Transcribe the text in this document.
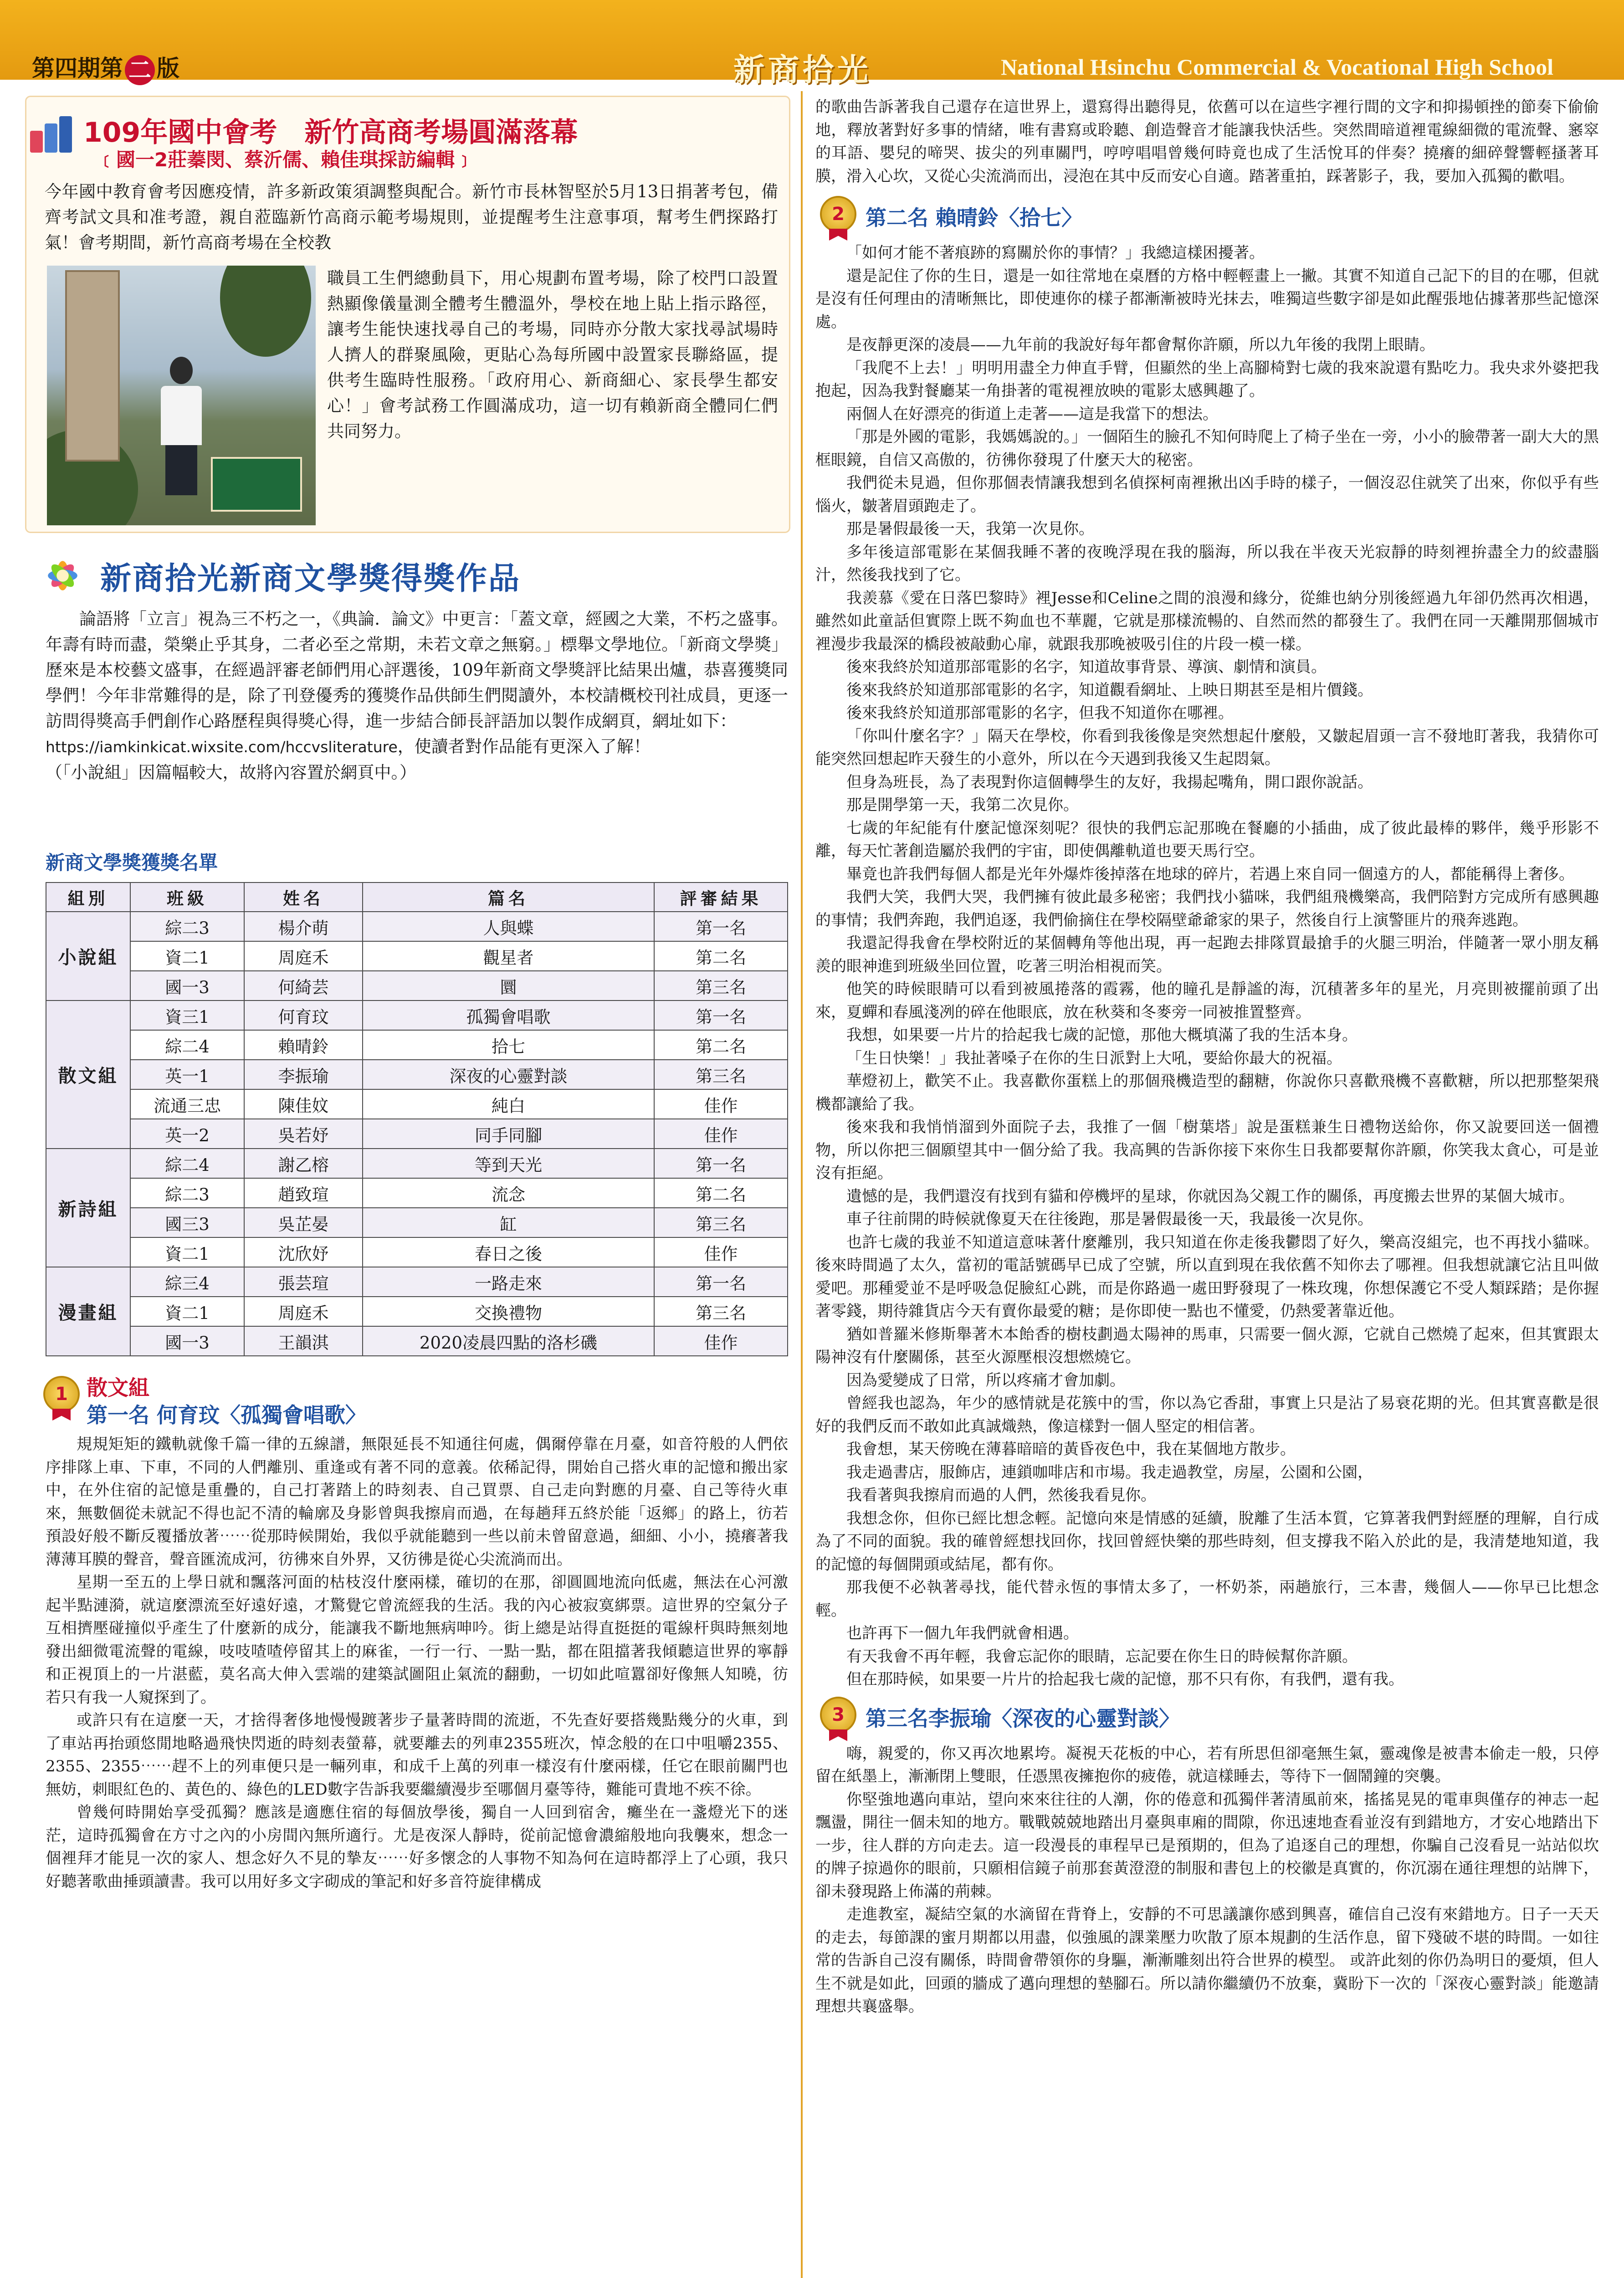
第四期第 二 版	新商拾光	National Hsinchu Commercial & Vocational High School
109年國中會考　新竹高商考場圓滿落幕
﹝國一2莊蓁閔、蔡沂儒、賴佳琪採訪編輯﹞
今年國中教育會考因應疫情，許多新政策須調整與配合。新竹市長林智堅於5月13日捐著考包，備齊考試文具和准考證，親自蒞臨新竹高商示範考場規則，並提醒考生注意事項，幫考生們探路打氣！會考期間，新竹高商考場在全校教
職員工生們總動員下，用心規劃布置考場，除了校門口設置熱顯像儀量測全體考生體溫外，學校在地上貼上指示路徑，讓考生能快速找尋自己的考場，同時亦分散大家找尋試場時人擠人的群聚風險，更貼心為每所國中設置家長聯絡區，提供考生臨時性服務。「政府用心、新商細心、家長學生都安心！」會考試務工作圓滿成功，這一切有賴新商全體同仁們共同努力。
新商拾光新商文學獎得獎作品
論語將「立言」視為三不朽之一，《典論．論文》中更言：「蓋文章，經國之大業，不朽之盛事。年壽有時而盡，榮樂止乎其身，二者必至之常期，未若文章之無窮。」標舉文學地位。「新商文學獎」歷來是本校藝文盛事，在經過評審老師們用心評選後，109年新商文學獎評比結果出爐，恭喜獲獎同學們！今年非常難得的是，除了刊登優秀的獲獎作品供師生們閱讀外，本校請概校刊社成員，更逐一訪問得獎高手們創作心路歷程與得獎心得，進一步結合師長評語加以製作成網頁，網址如下：
https://iamkinkicat.wixsite.com/hccvsliterature，使讀者對作品能有更深入了解！
（「小說組」因篇幅較大，故將內容置於網頁中。）
新商文學獎獲獎名單
組別	班級	姓名	篇名	評審結果
小說組	綜二3	楊介萌	人與蝶	第一名
	資二1	周庭禾	觀星者	第二名
	國一3	何綺芸	圜	第三名
散文組	資三1	何育玟	孤獨會唱歌	第一名
	綜二4	賴晴鈴	拾七	第二名
	英一1	李振瑜	深夜的心靈對談	第三名
	流通三忠	陳佳妏	純白	佳作
	英一2	吳若妤	同手同腳	佳作
新詩組	綜二4	謝乙榕	等到天光	第一名
	綜二3	趙致瑄	流念	第二名
	國三3	吳芷晏	缸	第三名
	資二1	沈欣妤	春日之後	佳作
漫畫組	綜三4	張芸瑄	一路走來	第一名
	資二1	周庭禾	交換禮物	第三名
	國一3	王韻淇	2020凌晨四點的洛杉磯	佳作
1 散文組
第一名 何育玟〈孤獨會唱歌〉

規規矩矩的鐵軌就像千篇一律的五線譜，無限延長不知通往何處，偶爾停靠在月臺，如音符般的人們依序排隊上車、下車，不同的人們離別、重逢或有著不同的意義。依稀記得，開始自己搭火車的記憶和搬出家中，在外住宿的記憶是重疊的，自己打著踏上的時刻表、自己買票、自己走向對應的月臺、自己等待火車來，無數個從未就記不得也記不清的輪廓及身影曾與我擦肩而過，在每趟拜五終於能「返鄉」的路上，彷若預設好般不斷反覆播放著⋯⋯從那時候開始，我似乎就能聽到一些以前未曾留意過，細細、小小，撓癢著我薄薄耳膜的聲音，聲音匯流成河，彷彿來自外界，又彷彿是從心尖流淌而出。

星期一至五的上學日就和飄落河面的枯枝沒什麼兩樣，確切的在那，卻圓圓地流向低處，無法在心河激起半點漣漪，就這麼漂流至好遠好遠，才驚覺它曾流經我的生活。我的內心被寂寞綁票。這世界的空氣分子互相擠壓碰撞似乎產生了什麼新的成分，能讓我不斷地無病呻吟。街上總是站得直挺挺的電線杆與時無刻地發出細微電流聲的電線，吱吱喳喳停留其上的麻雀，一行一行、一點一點，都在阻擋著我傾聽這世界的寧靜和正視頂上的一片湛藍，莫名高大伸入雲端的建築試圖阻止氣流的翻動，一切如此喧囂卻好像無人知曉，彷若只有我一人窺探到了。

或許只有在這麼一天，才捨得奢侈地慢慢踱著步子量著時間的流逝，不先查好要搭幾點幾分的火車，到了車站再抬頭悠閒地略過飛快閃逝的時刻表螢幕，就要離去的列車2355班次，悼念般的在口中咀嚼2355、2355、2355⋯⋯趕不上的列車便只是一輛列車，和成千上萬的列車一樣沒有什麼兩樣，任它在眼前關門也無妨，刺眼紅色的、黃色的、綠色的LED數字告訴我要繼續漫步至哪個月臺等待，難能可貴地不疾不徐。

曾幾何時開始享受孤獨？應該是適應住宿的每個放學後，獨自一人回到宿舍，癱坐在一盞燈光下的迷茫，這時孤獨會在方寸之內的小房間內無所適行。尤是夜深人靜時，從前記憶會濃縮般地向我襲來，想念一個裡拜才能見一次的家人、想念好久不見的摯友⋯⋯好多懷念的人事物不知為何在這時都浮上了心頭，我只好聽著歌曲捶頭讀書。我可以用好多文字砌成的筆記和好多音符旋律構成

的歌曲告訴著我自己還存在這世界上，還寫得出聽得見，依舊可以在這些字裡行間的文字和抑揚頓挫的節奏下偷偷地，釋放著對好多事的情緒，唯有書寫或聆聽、創造聲音才能讓我快活些。突然間暗道裡電線細微的電流聲、窸窣的耳語、嬰兒的啼哭、拔尖的列車關門，哼哼唱唱曾幾何時竟也成了生活悅耳的伴奏？撓癢的細碎聲響輕搔著耳膜，滑入心坎，又從心尖流淌而出，浸泡在其中反而安心自適。踏著重拍，踩著影子，我，要加入孤獨的歡唱。
2	第二名 賴晴鈴〈拾七〉

「如何才能不著痕跡的寫關於你的事情？」我總這樣困擾著。

還是記住了你的生日，還是一如往常地在桌曆的方格中輕輕畫上一撇。其實不知道自己記下的目的在哪，但就是沒有任何理由的清晰無比，即使連你的樣子都漸漸被時光抹去，唯獨這些數字卻是如此醒張地佔據著那些記憶深處。

是夜靜更深的凌晨——九年前的我說好每年都會幫你許願，所以九年後的我閉上眼睛。

「我爬不上去！」明明用盡全力伸直手臂，但顯然的坐上高腳椅對七歲的我來說還有點吃力。我央求外婆把我抱起，因為我對餐廳某一角掛著的電視裡放映的電影太感興趣了。

兩個人在好漂亮的街道上走著——這是我當下的想法。

「那是外國的電影，我媽媽說的。」一個陌生的臉孔不知何時爬上了椅子坐在一旁，小小的臉帶著一副大大的黑框眼鏡，自信又高傲的，彷彿你發現了什麼天大的秘密。

我們從未見過，但你那個表情讓我想到名偵探柯南裡揪出凶手時的樣子，一個沒忍住就笑了出來，你似乎有些惱火，皺著眉頭跑走了。

那是暑假最後一天，我第一次見你。

多年後這部電影在某個我睡不著的夜晚浮現在我的腦海，所以我在半夜天光寂靜的時刻裡拚盡全力的絞盡腦汁，然後我找到了它。

我羨慕《愛在日落巴黎時》裡Jesse和Celine之間的浪漫和緣分，從維也納分別後經過九年卻仍然再次相遇，雖然如此童話但實際上既不夠血也不華麗，它就是那樣流暢的、自然而然的都發生了。我們在同一天離開那個城市裡漫步我最深的橋段被敲動心扉，就跟我那晚被吸引住的片段一模一樣。

後來我終於知道那部電影的名字，知道故事背景、導演、劇情和演員。

後來我終於知道那部電影的名字，知道觀看網址、上映日期甚至是相片價錢。

後來我終於知道那部電影的名字，但我不知道你在哪裡。

「你叫什麼名字？」隔天在學校，你看到我後像是突然想起什麼般，又皺起眉頭一言不發地盯著我，我猜你可能突然回想起昨天發生的小意外，所以在今天遇到我後又生起悶氣。

但身為班長，為了表現對你這個轉學生的友好，我揚起嘴角，開口跟你說話。

那是開學第一天，我第二次見你。

七歲的年紀能有什麼記憶深刻呢？很快的我們忘記那晚在餐廳的小插曲，成了彼此最棒的夥伴，幾乎形影不離，每天忙著創造屬於我們的宇宙，即使偶離軌道也要天馬行空。

畢竟也許我們每個人都是光年外爆炸後掉落在地球的碎片，若遇上來自同一個遠方的人，都能稱得上奢侈。

我們大笑，我們大哭，我們擁有彼此最多秘密；我們找小貓咪，我們組飛機樂高，我們陪對方完成所有感興趣的事情；我們奔跑，我們追逐，我們偷摘住在學校隔壁爺爺家的果子，然後自行上演警匪片的飛奔逃跑。

我還記得我會在學校附近的某個轉角等他出現，再一起跑去排隊買最搶手的火腿三明治，伴隨著一眾小朋友稱羨的眼神進到班級坐回位置，吃著三明治相視而笑。

他笑的時候眼睛可以看到被風捲落的霞霧，他的瞳孔是靜謐的海，沉積著多年的星光，月亮則被擺前頭了出來，夏蟬和春風淺冽的碎在他眼底，放在秋葵和冬麥旁一同被推置整齊。

我想，如果要一片片的拾起我七歲的記憶，那他大概填滿了我的生活本身。

「生日快樂！」我扯著嗓子在你的生日派對上大吼，要給你最大的祝福。

華燈初上，歡笑不止。我喜歡你蛋糕上的那個飛機造型的翻糖，你說你只喜歡飛機不喜歡糖，所以把那整架飛機都讓給了我。

後來我和我悄悄溜到外面院子去，我推了一個「樹葉塔」說是蛋糕兼生日禮物送給你，你又說要回送一個禮物，所以你把三個願望其中一個分給了我。我高興的告訴你接下來你生日我都要幫你許願，你笑我太貪心，可是並沒有拒絕。

遺憾的是，我們還沒有找到有貓和停機坪的星球，你就因為父親工作的關係，再度搬去世界的某個大城市。

車子往前開的時候就像夏天在往後跑，那是暑假最後一天，我最後一次見你。

也許七歲的我並不知道這意味著什麼離別，我只知道在你走後我鬱悶了好久，樂高沒組完，也不再找小貓咪。後來時間過了太久，當初的電話號碼早已成了空號，所以直到現在我依舊不知你去了哪裡。但我想就讓它沾且叫做愛吧。那種愛並不是呼吸急促臉紅心跳，而是你路過一處田野發現了一株玫瑰，你想保護它不受人類踩踏；是你握著零錢，期待雜貨店今天有賣你最愛的糖；是你即使一點也不懂愛，仍熱愛著靠近他。

猶如普羅米修斯舉著木本飴香的樹枝劃過太陽神的馬車，只需要一個火源，它就自己燃燒了起來，但其實跟太陽神沒有什麼關係，甚至火源壓根沒想燃燒它。

因為愛變成了日常，所以疼痛才會加劇。

曾經我也認為，年少的感情就是花簇中的雪，你以為它香甜，事實上只是沾了易衰花期的光。但其實喜歡是很好的我們反而不敢如此真誠熾熱，像這樣對一個人堅定的相信著。

我會想，某天傍晚在薄暮暗暗的黃昏夜色中，我在某個地方散步。

我走過書店，服飾店，連鎖咖啡店和市場。我走過教堂，房屋，公園和公園，

我看著與我擦肩而過的人們，然後我看見你。

我想念你，但你已經比想念輕。記憶向來是情感的延續，脫離了生活本質，它算著我們對經歷的理解，自行成為了不同的面貌。我的確曾經想找回你，找回曾經快樂的那些時刻，但支撐我不陷入於此的是，我清楚地知道，我的記憶的每個開頭或結尾，都有你。

那我便不必執著尋找，能代替永恆的事情太多了，一杯奶茶，兩趟旅行，三本書，幾個人——你早已比想念輕。

也許再下一個九年我們就會相遇。

有天我會不再年輕，我會忘記你的眼睛，忘記要在你生日的時候幫你許願。

但在那時候，如果要一片片的拾起我七歲的記憶，那不只有你，有我們，還有我。

3	第三名李振瑜〈深夜的心靈對談〉

嗨，親愛的，你又再次地累垮。凝視天花板的中心，若有所思但卻毫無生氣，靈魂像是被書本偷走一般，只停留在紙墨上，漸漸閉上雙眼，任憑黑夜擁抱你的疲倦，就這樣睡去，等待下一個鬧鐘的突襲。

你堅強地邁向車站，望向來來往往的人潮，你的倦意和孤獨伴著清風前來，搖搖晃晃的電車與僅存的神志一起飄盪，開往一個未知的地方。戰戰兢兢地踏出月臺與車廂的間隙，你迅速地查看並沒有到錯地方，才安心地踏出下一步，往人群的方向走去。這一段漫長的車程早已是預期的，但為了追逐自己的理想，你騙自己沒看見一站站似坎的牌子掠過你的眼前，只願相信鏡子前那套黃澄澄的制服和書包上的校徽是真實的，你沉溺在通往理想的站牌下，卻未發現路上佈滿的荊棘。

走進教室，凝結空氣的水滴留在背脊上，安靜的不可思議讓你感到興喜，確信自己沒有來錯地方。日子一天天的走去，每節課的蜜月期都以用盡，似強風的課業壓力吹散了原本規劃的生活作息，留下殘破不堪的時間。一如往常的告訴自己沒有關係，時間會帶領你的身驅，漸漸雕刻出符合世界的模型。 或許此刻的你仍為明日的憂煩，但人生不就是如此，回頭的牆成了邁向理想的墊腳石。所以請你繼續仍不放棄，冀盼下一次的「深夜心靈對談」能邀請理想共襄盛舉。
